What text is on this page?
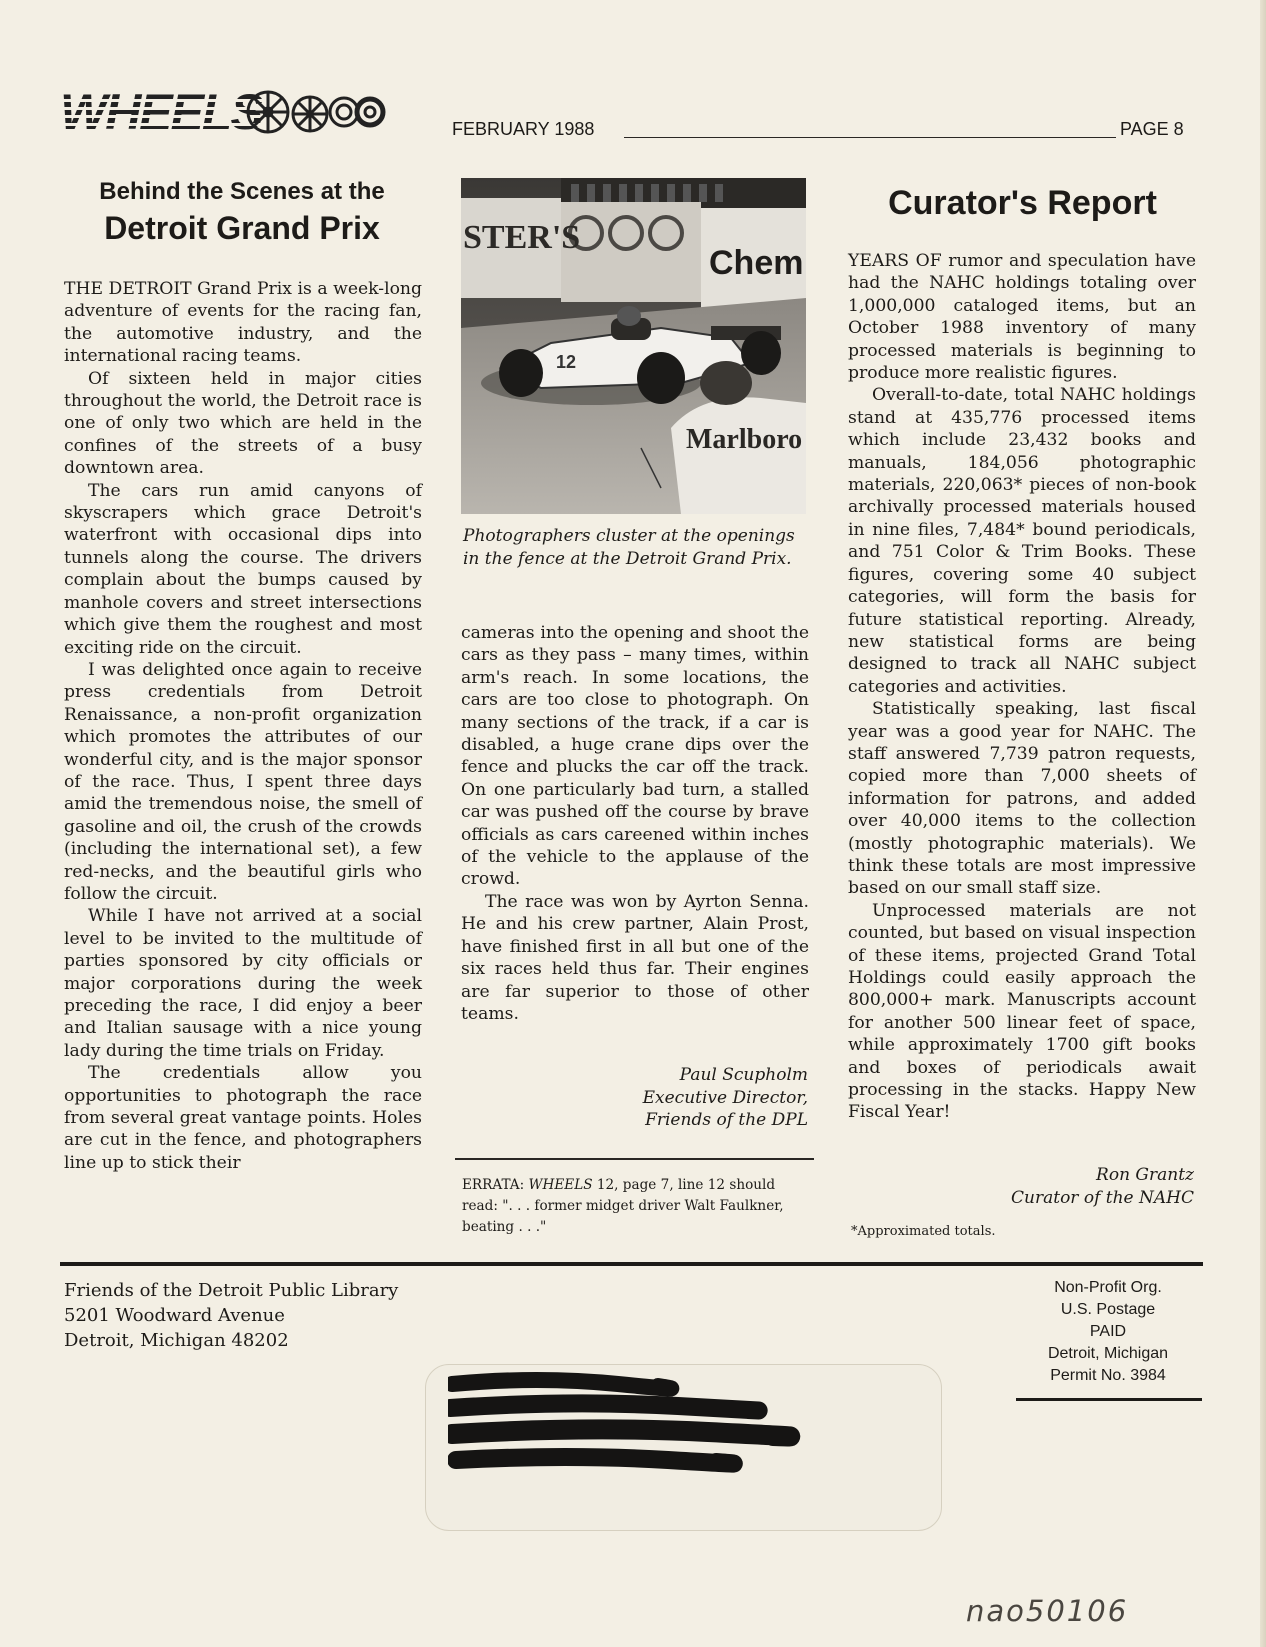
WHEELS	FEBRUARY 1988	PAGE 8
Behind the Scenes at the
Detroit Grand Prix

THE DETROIT Grand Prix is a week-long adventure of events for the racing fan, the automotive industry, and the international racing teams.

Of sixteen held in major cities throughout the world, the Detroit race is one of only two which are held in the confines of the streets of a busy downtown area.

The cars run amid canyons of skyscrapers which grace Detroit's waterfront with occasional dips into tunnels along the course. The drivers complain about the bumps caused by manhole covers and street intersections which give them the roughest and most exciting ride on the circuit.

I was delighted once again to receive press credentials from Detroit Renaissance, a non-profit organization which promotes the attributes of our wonderful city, and is the major sponsor of the race. Thus, I spent three days amid the tremendous noise, the smell of gasoline and oil, the crush of the crowds (including the international set), a few red-necks, and the beautiful girls who follow the circuit.

While I have not arrived at a social level to be invited to the multitude of parties sponsored by city officials or major corporations during the week preceding the race, I did enjoy a beer and Italian sausage with a nice young lady during the time trials on Friday.

The credentials allow you opportunities to photograph the race from several great vantage points. Holes are cut in the fence, and photographers line up to stick their

STER'S
Chem
12
Marlboro
Photographers cluster at the openings in the fence at the Detroit Grand Prix.

cameras into the opening and shoot the cars as they pass – many times, within arm's reach. In some locations, the cars are too close to photograph. On many sections of the track, if a car is disabled, a huge crane dips over the fence and plucks the car off the track. On one particularly bad turn, a stalled car was pushed off the course by brave officials as cars careened within inches of the vehicle to the applause of the crowd.

The race was won by Ayrton Senna. He and his crew partner, Alain Prost, have finished first in all but one of the six races held thus far. Their engines are far superior to those of other teams.

Paul Scupholm
Executive Director,
Friends of the DPL
ERRATA: WHEELS 12, page 7, line 12 should read: ". . . former midget driver Walt Faulkner, beating . . ."
Curator's Report

YEARS OF rumor and speculation have had the NAHC holdings totaling over 1,000,000 cataloged items, but an October 1988 inventory of many processed materials is beginning to produce more realistic figures.

Overall-to-date, total NAHC holdings stand at 435,776 processed items which include 23,432 books and manuals, 184,056 photographic materials, 220,063* pieces of non-book archivally processed materials housed in nine files, 7,484* bound periodicals, and 751 Color & Trim Books. These figures, covering some 40 subject categories, will form the basis for future statistical reporting. Already, new statistical forms are being designed to track all NAHC subject categories and activities.

Statistically speaking, last fiscal year was a good year for NAHC. The staff answered 7,739 patron requests, copied more than 7,000 sheets of information for patrons, and added over 40,000 items to the collection (mostly photographic materials). We think these totals are most impressive based on our small staff size.

Unprocessed materials are not counted, but based on visual inspection of these items, projected Grand Total Holdings could easily approach the 800,000+ mark. Manuscripts account for another 500 linear feet of space, while approximately 1700 gift books and boxes of periodicals await processing in the stacks. Happy New Fiscal Year!

Ron Grantz
Curator of the NAHC
*Approximated totals.
Friends of the Detroit Public Library
5201 Woodward Avenue
Detroit, Michigan 48202
Non-Profit Org.
U.S. Postage
PAID
Detroit, Michigan
Permit No. 3984
nao50106
